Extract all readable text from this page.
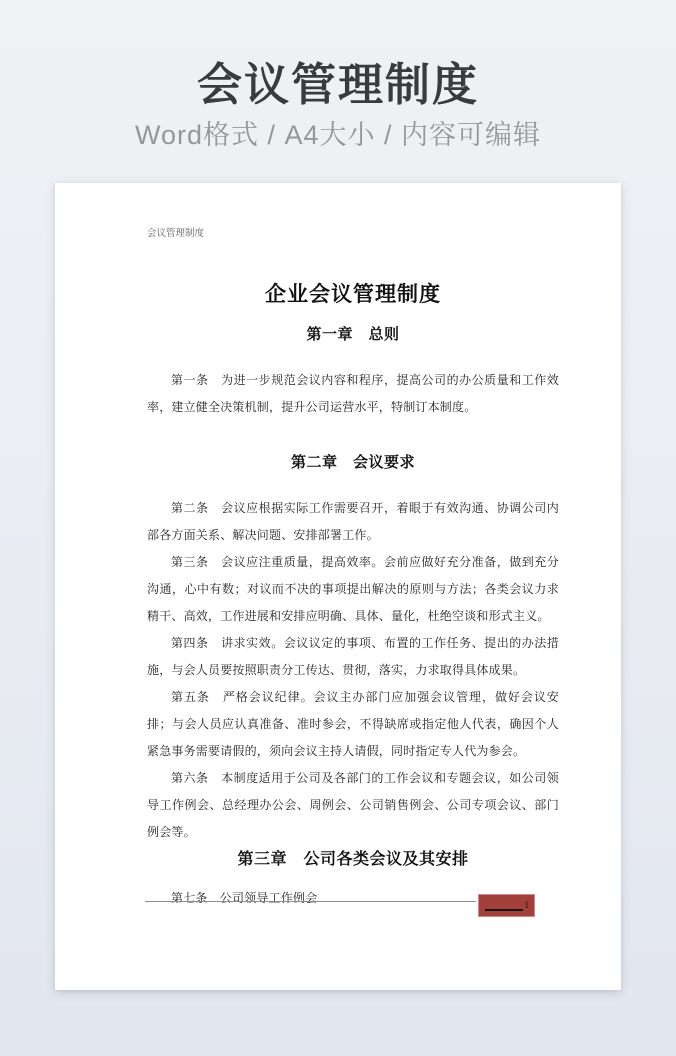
会议管理制度
Word格式 / A4大小 / 内容可编辑
会议管理制度
企业会议管理制度
第一章　总则

第一条　为进一步规范会议内容和程序，提高公司的办公质量和工作效率，建立健全决策机制，提升公司运营水平，特制订本制度。

第二章　会议要求

第二条　会议应根据实际工作需要召开，着眼于有效沟通、协调公司内部各方面关系、解决问题、安排部署工作。

第三条　会议应注重质量，提高效率。会前应做好充分准备，做到充分沟通，心中有数；对议而不决的事项提出解决的原则与方法；各类会议力求精干、高效，工作进展和安排应明确、具体、量化，杜绝空谈和形式主义。

第四条　讲求实效。会议议定的事项、布置的工作任务、提出的办法措施，与会人员要按照职责分工传达、贯彻，落实，力求取得具体成果。

第五条　严格会议纪律。会议主办部门应加强会议管理，做好会议安排；与会人员应认真准备、准时参会，不得缺席或指定他人代表，确因个人紧急事务需要请假的，须向会议主持人请假，同时指定专人代为参会。

第六条　本制度适用于公司及各部门的工作会议和专题会议，如公司领导工作例会、总经理办公会、周例会、公司销售例会、公司专项会议、部门例会等。

第三章　公司各类会议及其安排

第七条　公司领导工作例会	1
